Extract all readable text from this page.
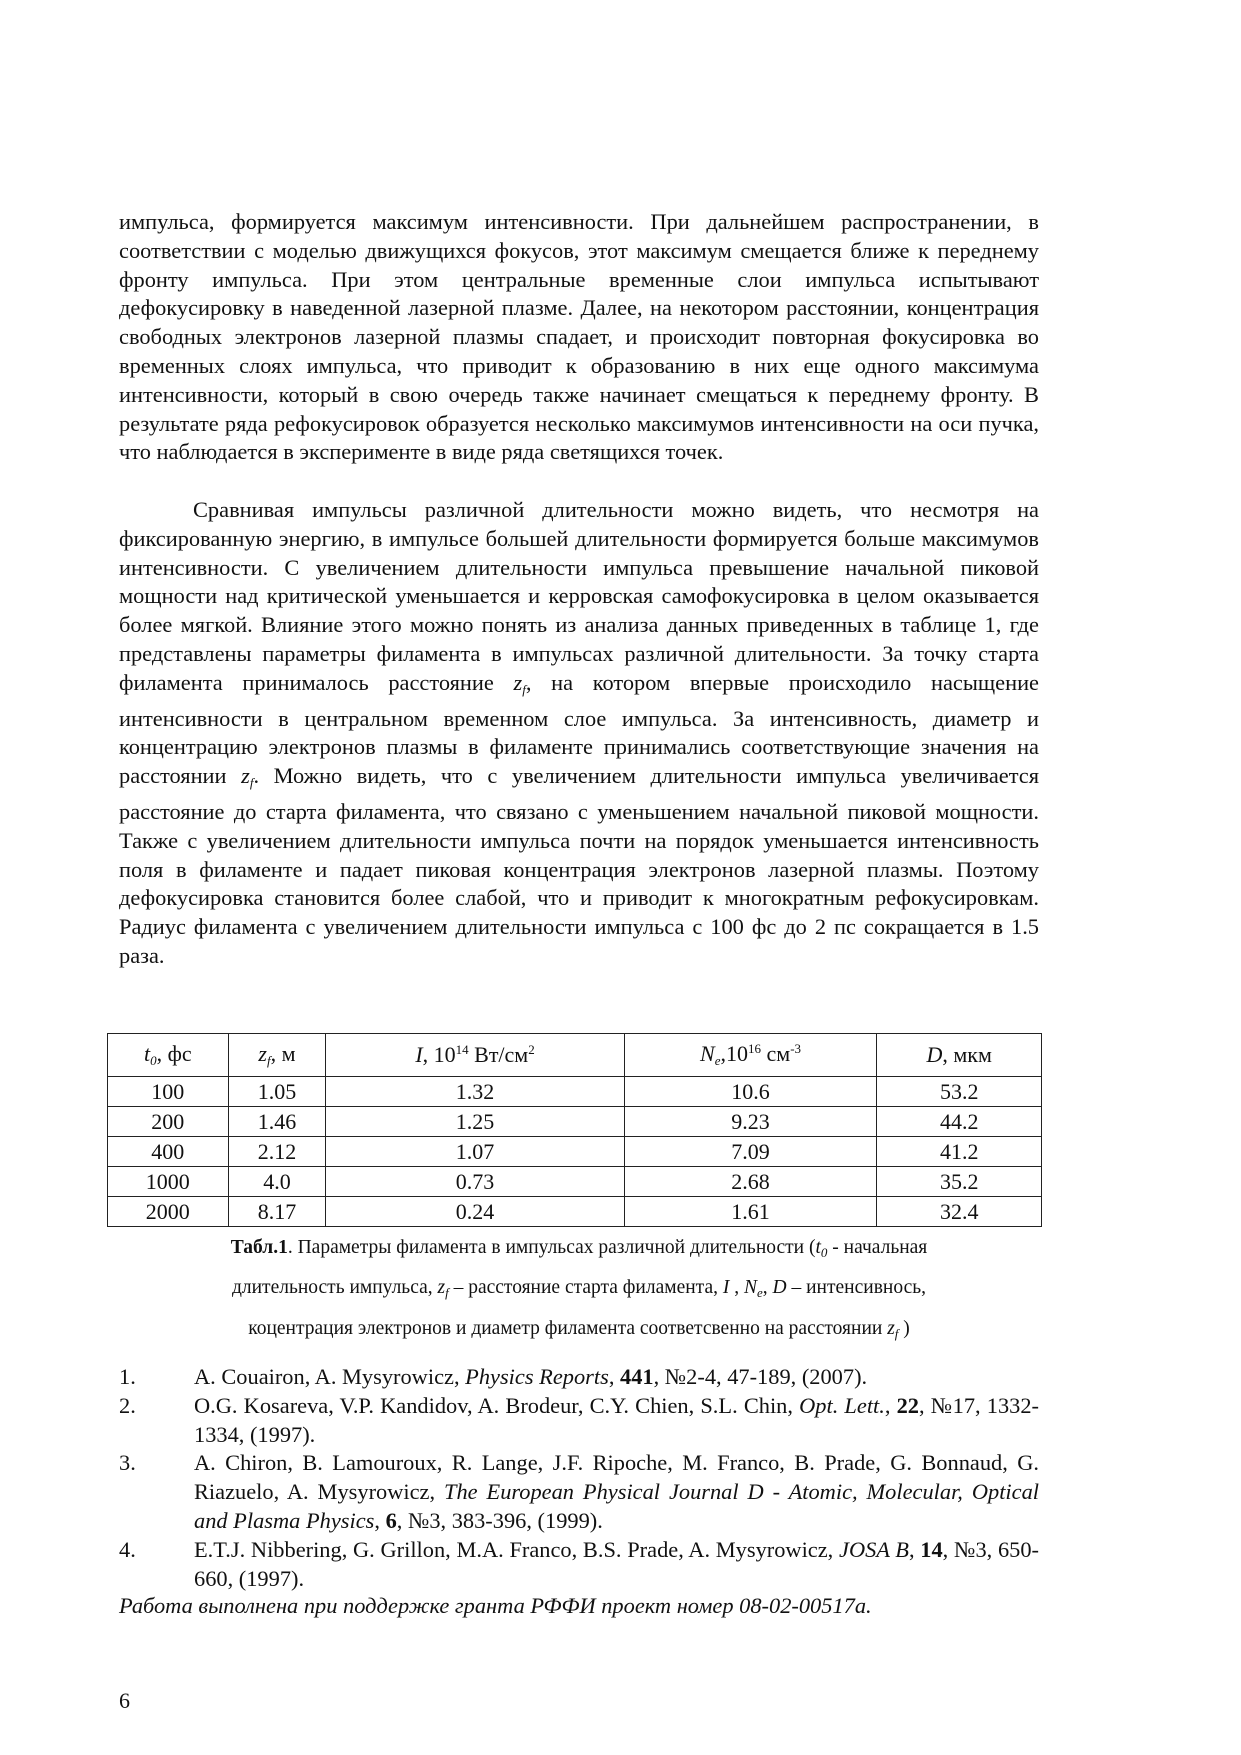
импульса, формируется максимум интенсивности. При дальнейшем распространении, в соответствии с моделью движущихся фокусов, этот максимум смещается ближе к переднему фронту импульса. При этом центральные временные слои импульса испытывают дефокусировку в наведенной лазерной плазме. Далее, на некотором расстоянии, концентрация свободных электронов лазерной плазмы спадает, и происходит повторная фокусировка во временных слоях импульса, что приводит к образованию в них еще одного максимума интенсивности, который в свою очередь также начинает смещаться к переднему фронту. В результате ряда рефокусировок образуется несколько максимумов интенсивности на оси пучка, что наблюдается в эксперименте в виде ряда светящихся точек.

Сравнивая импульсы различной длительности можно видеть, что несмотря на фиксированную энергию, в импульсе большей длительности формируется больше максимумов интенсивности. С увеличением длительности импульса превышение начальной пиковой мощности над критической уменьшается и керровская самофокусировка в целом оказывается более мягкой. Влияние этого можно понять из анализа данных приведенных в таблице 1, где представлены параметры филамента в импульсах различной длительности. За точку старта филамента принималось расстояние $z_f$, на котором впервые происходило насыщение интенсивности в центральном временном слое импульса. За интенсивность, диаметр и концентрацию электронов плазмы в филаменте принимались соответствующие значения на расстоянии $z_f$. Можно видеть, что с увеличением длительности импульса увеличивается расстояние до старта филамента, что связано с уменьшением начальной пиковой мощности. Также с увеличением длительности импульса почти на порядок уменьшается интенсивность поля в филаменте и падает пиковая концентрация электронов лазерной плазмы. Поэтому дефокусировка становится более слабой, что и приводит к многократным рефокусировкам. Радиус филамента с увеличением длительности импульса с 100 фс до 2 пс сокращается в 1.5 раза.

$t_0$, фс	$z_f$, м	I, $10^{14}$ $Вт/см^2$	$N_e,10^{16}$ $см^{-3}$	D, мкм
100	1.05	1.32	10.6	53.2
200	1.46	1.25	9.23	44.2
400	2.12	1.07	7.09	41.2
1000	4.0	0.73	2.68	35.2
2000	8.17	0.24	1.61	32.4

Табл.1. Параметры филамента в импульсах различной длительности ($t_0$ - начальная

длительность импульса, $z_f$ – расстояние старта филамента, I , $N_e$, D – интенсивнось,

коцентрация электронов и диаметр филамента соответсвенно на расстоянии $z_f$ )

1.	A. Couairon, A. Mysyrowicz, Physics Reports, 441, №2-4, 47-189, (2007).
2.	O.G. Kosareva, V.P. Kandidov, A. Brodeur, C.Y. Chien, S.L. Chin, Opt. Lett., 22, №17, 1332-1334, (1997).
3.	A. Chiron, B. Lamouroux, R. Lange, J.F. Ripoche, M. Franco, B. Prade, G. Bonnaud, G. Riazuelo, A. Mysyrowicz, The European Physical Journal D - Atomic, Molecular, Optical and Plasma Physics, 6, №3, 383-396, (1999).
4.	E.T.J. Nibbering, G. Grillon, M.A. Franco, B.S. Prade, A. Mysyrowicz, JOSA B, 14, №3, 650-660, (1997).

Работа выполнена при поддержке гранта РФФИ проект номер 08-02-00517а.

6
